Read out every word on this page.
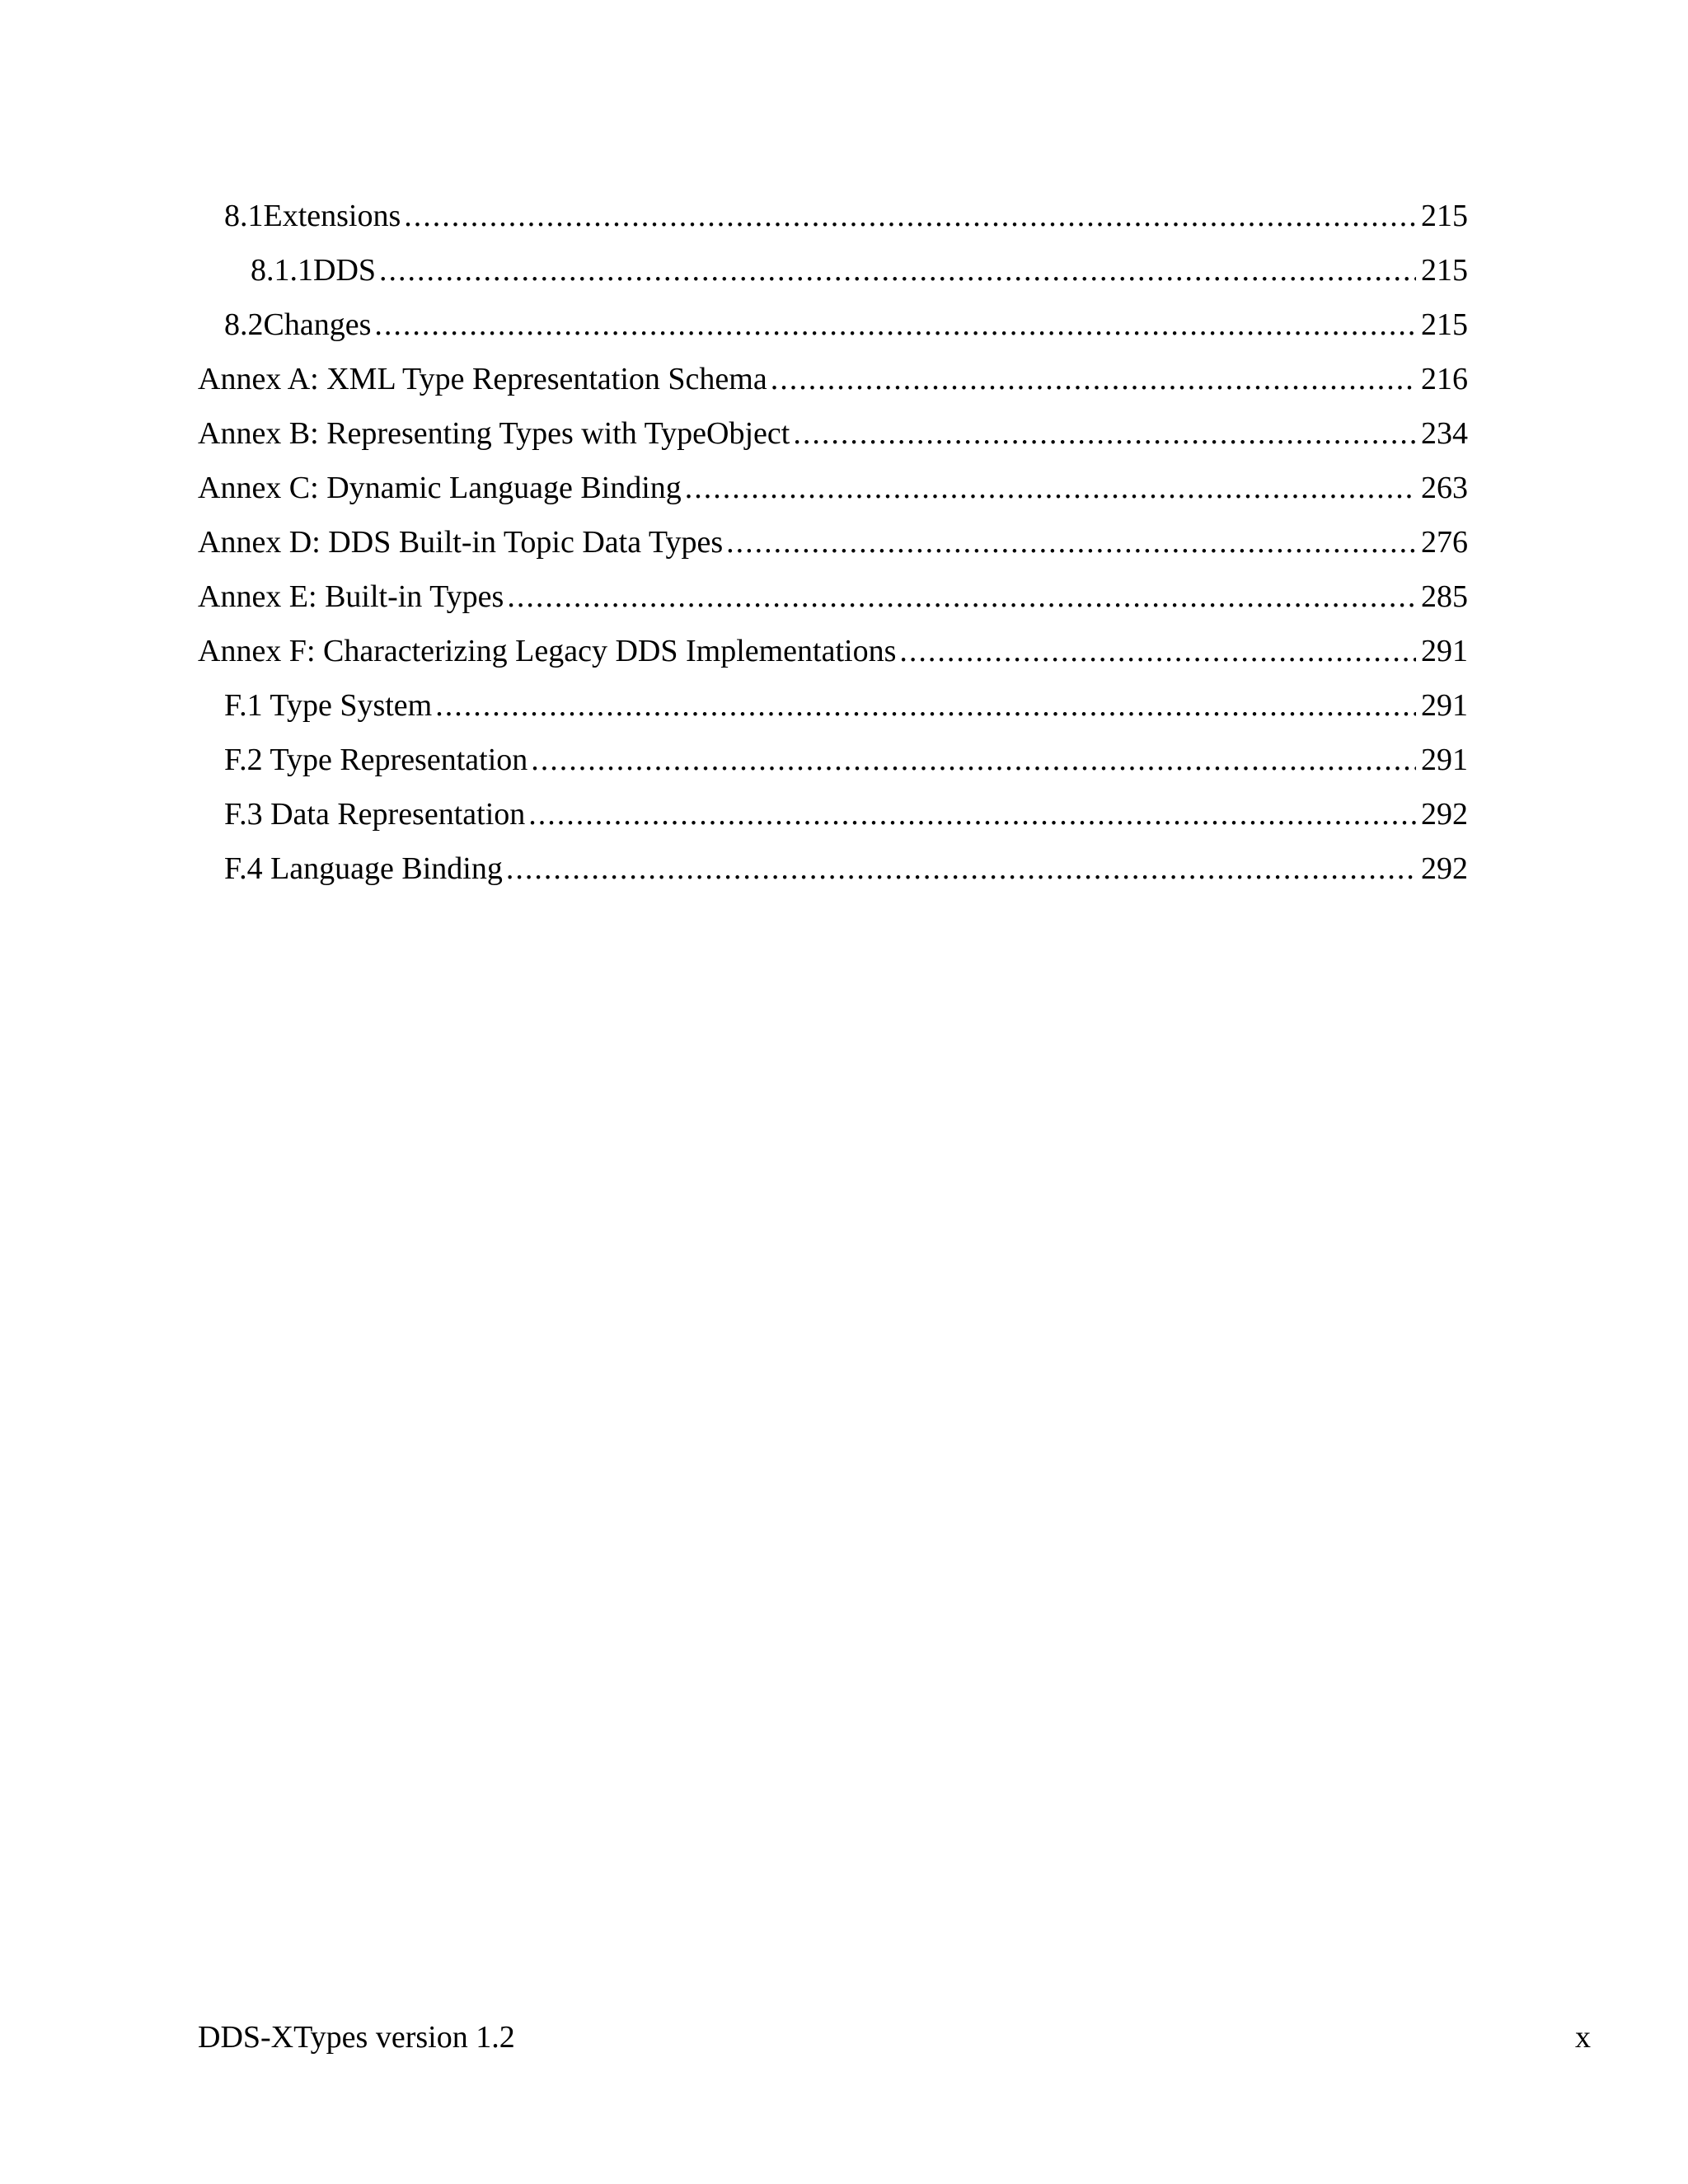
8.1 Extensions .....	215
8.1.1 DDS .....	215
8.2 Changes .....	215
Annex A: XML Type Representation Schema .....	216
Annex B: Representing Types with TypeObject .....	234
Annex C: Dynamic Language Binding .....	263
Annex D: DDS Built-in Topic Data Types .....	276
Annex E: Built-in Types .....	285
Annex F: Characterizing Legacy DDS Implementations .....	291
F.1 Type System .....	291
F.2 Type Representation .....	291
F.3 Data Representation .....	292
F.4 Language Binding .....	292
DDS-XTypes version 1.2	x
